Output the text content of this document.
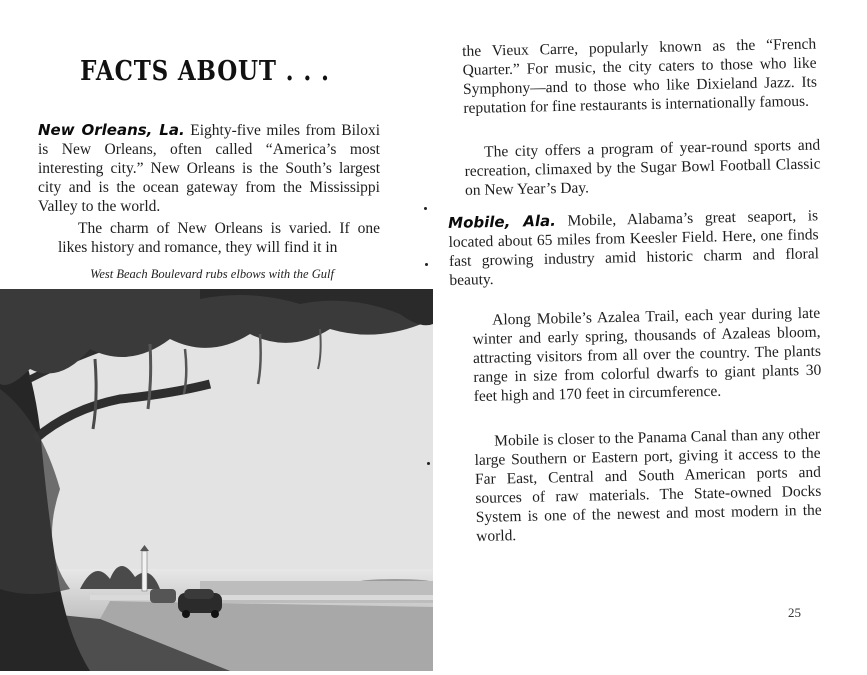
FACTS ABOUT . . .
New Orleans, La. Eighty-five miles from Biloxi is New Orleans, often called “America’s most interesting city.” New Orleans is the South’s largest city and is the ocean gateway from the Mississippi Valley to the world.
The charm of New Orleans is varied. If one likes history and romance, they will find it in
West Beach Boulevard rubs elbows with the Gulf
the Vieux Carre, popularly known as the “French Quarter.” For music, the city caters to those who like Symphony—and to those who like Dixieland Jazz. Its reputation for fine restaurants is internationally famous.
The city offers a program of year-round sports and recreation, climaxed by the Sugar Bowl Football Classic on New Year’s Day.
Mobile, Ala. Mobile, Alabama’s great seaport, is located about 65 miles from Keesler Field. Here, one finds fast growing industry amid historic charm and floral beauty.
Along Mobile’s Azalea Trail, each year during late winter and early spring, thousands of Azaleas bloom, attracting visitors from all over the country. The plants range in size from colorful dwarfs to giant plants 30 feet high and 170 feet in circumference.
Mobile is closer to the Panama Canal than any other large Southern or Eastern port, giving it access to the Far East, Central and South American ports and sources of raw materials. The State-owned Docks System is one of the newest and most modern in the world.
25
